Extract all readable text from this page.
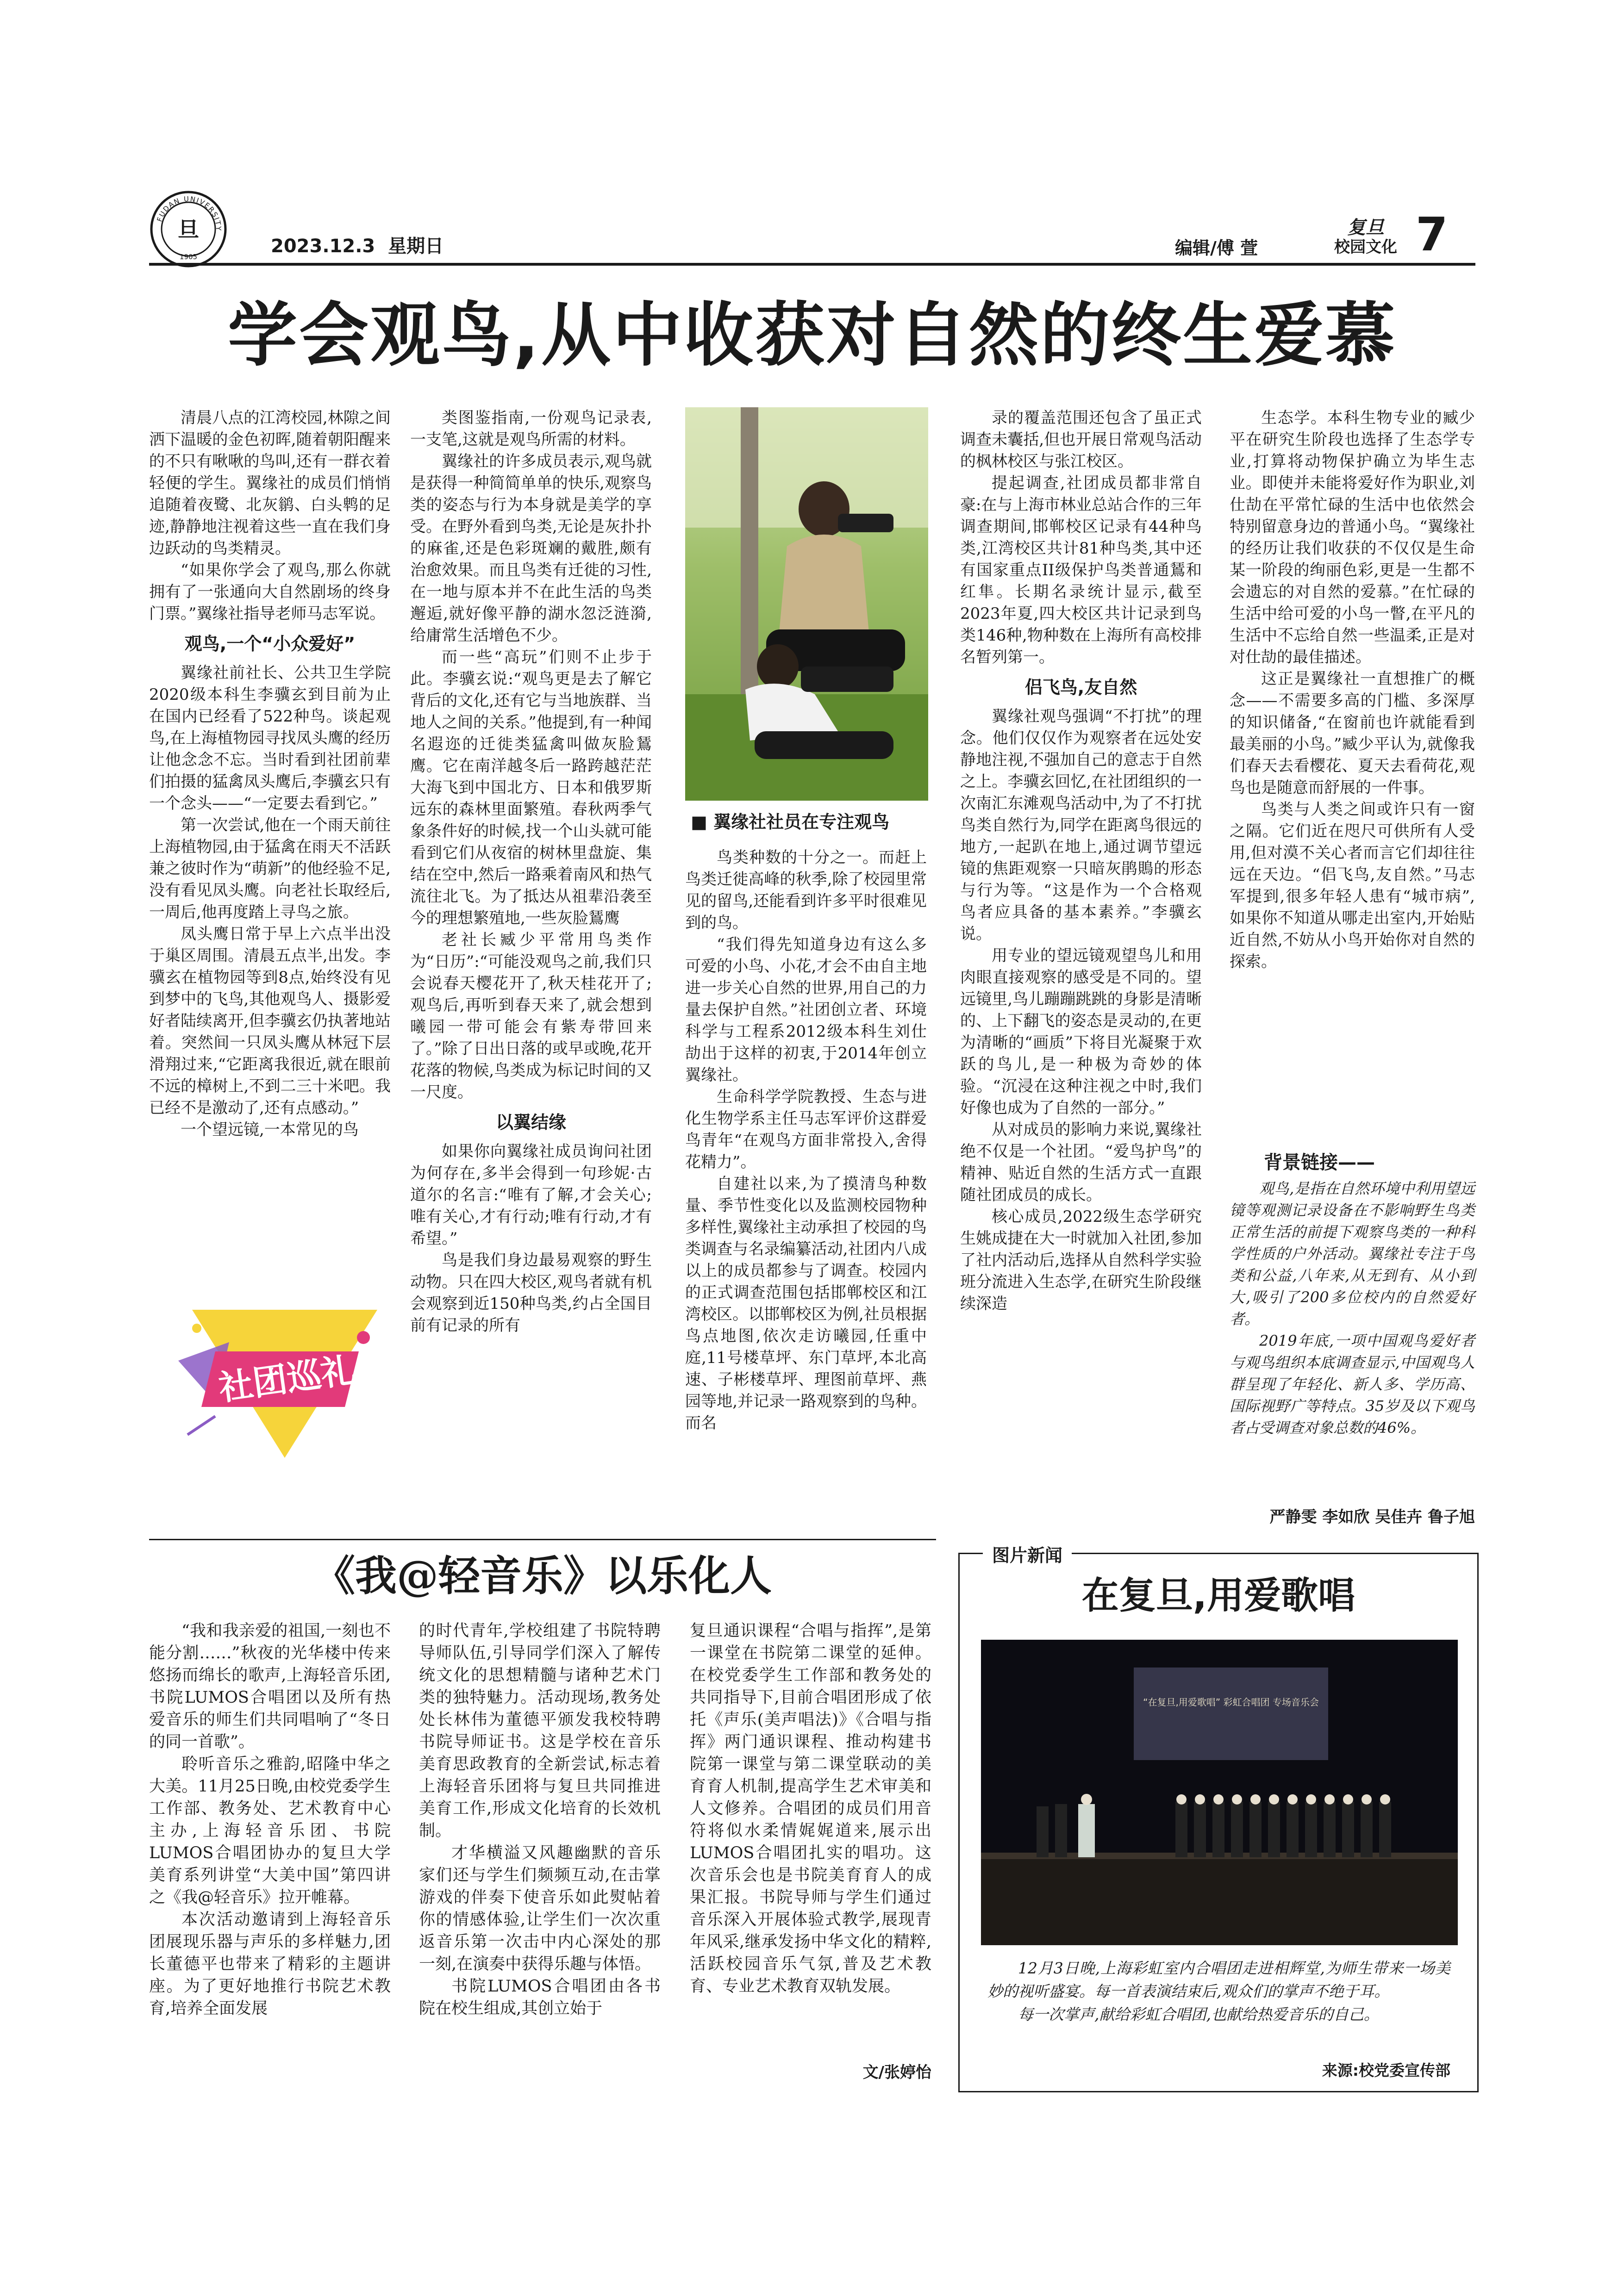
旦
FUDAN UNIVERSITY
1905	2023.12.3 星期日	编辑/傅 萱
复旦
校园文化 7
学会观鸟,从中收获对自然的终生爱慕

清晨八点的江湾校园,林隙之间洒下温暖的金色初晖,随着朝阳醒来的不只有啾啾的鸟叫,还有一群衣着轻便的学生。翼缘社的成员们悄悄追随着夜鹭、北灰鹟、白头鹎的足迹,静静地注视着这些一直在我们身边跃动的鸟类精灵。

“如果你学会了观鸟,那么你就拥有了一张通向大自然剧场的终身门票。”翼缘社指导老师马志军说。

观鸟,一个“小众爱好”

翼缘社前社长、公共卫生学院2020级本科生李骥玄到目前为止在国内已经看了522种鸟。谈起观鸟,在上海植物园寻找凤头鹰的经历让他念念不忘。当时看到社团前辈们拍摄的猛禽凤头鹰后,李骥玄只有一个念头——“一定要去看到它。”

第一次尝试,他在一个雨天前往上海植物园,由于猛禽在雨天不活跃兼之彼时作为“萌新”的他经验不足,没有看见凤头鹰。向老社长取经后,一周后,他再度踏上寻鸟之旅。

凤头鹰日常于早上六点半出没于巢区周围。清晨五点半,出发。李骥玄在植物园等到8点,始终没有见到梦中的飞鸟,其他观鸟人、摄影爱好者陆续离开,但李骥玄仍执著地站着。突然间一只凤头鹰从林冠下层滑翔过来,“它距离我很近,就在眼前不远的樟树上,不到二三十米吧。我已经不是激动了,还有点感动。”

一个望远镜,一本常见的鸟

社团巡礼

类图鉴指南,一份观鸟记录表,一支笔,这就是观鸟所需的材料。

翼缘社的许多成员表示,观鸟就是获得一种简简单单的快乐,观察鸟类的姿态与行为本身就是美学的享受。在野外看到鸟类,无论是灰扑扑的麻雀,还是色彩斑斓的戴胜,颇有治愈效果。而且鸟类有迁徙的习性,在一地与原本并不在此生活的鸟类邂逅,就好像平静的湖水忽泛涟漪,给庸常生活增色不少。

而一些“高玩”们则不止步于此。李骥玄说:“观鸟更是去了解它背后的文化,还有它与当地族群、当地人之间的关系。”他提到,有一种闻名遐迩的迁徙类猛禽叫做灰脸鵟鹰。它在南洋越冬后一路跨越茫茫大海飞到中国北方、日本和俄罗斯远东的森林里面繁殖。春秋两季气象条件好的时候,找一个山头就可能看到它们从夜宿的树林里盘旋、集结在空中,然后一路乘着南风和热气流往北飞。为了抵达从祖辈沿袭至今的理想繁殖地,一些灰脸鵟鹰

老社长臧少平常用鸟类作为“日历”:“可能没观鸟之前,我们只会说春天樱花开了,秋天桂花开了;观鸟后,再听到春天来了,就会想到曦园一带可能会有紫寿带回来了。”除了日出日落的或早或晚,花开花落的物候,鸟类成为标记时间的又一尺度。

以翼结缘

如果你向翼缘社成员询问社团为何存在,多半会得到一句珍妮·古道尔的名言:“唯有了解,才会关心;唯有关心,才有行动;唯有行动,才有希望。”

鸟是我们身边最易观察的野生动物。只在四大校区,观鸟者就有机会观察到近150种鸟类,约占全国目前有记录的所有

■ 翼缘社社员在专注观鸟

鸟类种数的十分之一。而赶上鸟类迁徙高峰的秋季,除了校园里常见的留鸟,还能看到许多平时很难见到的鸟。

“我们得先知道身边有这么多可爱的小鸟、小花,才会不由自主地进一步关心自然的世界,用自己的力量去保护自然。”社团创立者、环境科学与工程系2012级本科生刘仕劼出于这样的初衷,于2014年创立翼缘社。

生命科学学院教授、生态与进化生物学系主任马志军评价这群爱鸟青年“在观鸟方面非常投入,舍得花精力”。

自建社以来,为了摸清鸟种数量、季节性变化以及监测校园物种多样性,翼缘社主动承担了校园的鸟类调查与名录编纂活动,社团内八成以上的成员都参与了调查。校园内的正式调查范围包括邯郸校区和江湾校区。以邯郸校区为例,社员根据鸟点地图,依次走访曦园,任重中庭,11号楼草坪、东门草坪,本北高速、子彬楼草坪、理图前草坪、燕园等地,并记录一路观察到的鸟种。而名

录的覆盖范围还包含了虽正式调查未囊括,但也开展日常观鸟活动的枫林校区与张江校区。

提起调查,社团成员都非常自豪:在与上海市林业总站合作的三年调查期间,邯郸校区记录有44种鸟类,江湾校区共计81种鸟类,其中还有国家重点II级保护鸟类普通鵟和红隼。长期名录统计显示,截至2023年夏,四大校区共计记录到鸟类146种,物种数在上海所有高校排名暂列第一。

侣飞鸟,友自然

翼缘社观鸟强调“不打扰”的理念。他们仅仅作为观察者在远处安静地注视,不强加自己的意志于自然之上。李骥玄回忆,在社团组织的一次南汇东滩观鸟活动中,为了不打扰鸟类自然行为,同学在距离鸟很远的地方,一起趴在地上,通过调节望远镜的焦距观察一只暗灰鹃鵙的形态与行为等。“这是作为一个合格观鸟者应具备的基本素养。”李骥玄说。

用专业的望远镜观望鸟儿和用肉眼直接观察的感受是不同的。望远镜里,鸟儿蹦蹦跳跳的身影是清晰的、上下翻飞的姿态是灵动的,在更为清晰的“画质”下将目光凝聚于欢跃的鸟儿,是一种极为奇妙的体验。“沉浸在这种注视之中时,我们好像也成为了自然的一部分。”

从对成员的影响力来说,翼缘社绝不仅是一个社团。“爱鸟护鸟”的精神、贴近自然的生活方式一直跟随社团成员的成长。

核心成员,2022级生态学研究生姚成捷在大一时就加入社团,参加了社内活动后,选择从自然科学实验班分流进入生态学,在研究生阶段继续深造

生态学。本科生物专业的臧少平在研究生阶段也选择了生态学专业,打算将动物保护确立为毕生志业。即使并未能将爱好作为职业,刘仕劼在平常忙碌的生活中也依然会特别留意身边的普通小鸟。“翼缘社的经历让我们收获的不仅仅是生命某一阶段的绚丽色彩,更是一生都不会遗忘的对自然的爱慕。”在忙碌的生活中给可爱的小鸟一瞥,在平凡的生活中不忘给自然一些温柔,正是对对仕劼的最佳描述。

这正是翼缘社一直想推广的概念——不需要多高的门槛、多深厚的知识储备,“在窗前也许就能看到最美丽的小鸟。”臧少平认为,就像我们春天去看樱花、夏天去看荷花,观鸟也是随意而舒展的一件事。

鸟类与人类之间或许只有一窗之隔。它们近在咫尺可供所有人受用,但对漠不关心者而言它们却往往远在天边。“侣飞鸟,友自然。”马志军提到,很多年轻人患有“城市病”,如果你不知道从哪走出室内,开始贴近自然,不妨从小鸟开始你对自然的探索。

背景链接——

观鸟,是指在自然环境中利用望远镜等观测记录设备在不影响野生鸟类正常生活的前提下观察鸟类的一种科学性质的户外活动。翼缘社专注于鸟类和公益,八年来,从无到有、从小到大,吸引了200多位校内的自然爱好者。

2019年底,一项中国观鸟爱好者与观鸟组织本底调查显示,中国观鸟人群呈现了年轻化、新人多、学历高、国际视野广等特点。35岁及以下观鸟者占受调查对象总数的46%。

严静雯 李如欣 吴佳卉 鲁子旭
《我@轻音乐》以乐化人

“我和我亲爱的祖国,一刻也不能分割……”秋夜的光华楼中传来悠扬而绵长的歌声,上海轻音乐团,书院LUMOS合唱团以及所有热爱音乐的师生们共同唱响了“冬日的同一首歌”。

聆听音乐之雅韵,昭隆中华之大美。11月25日晚,由校党委学生工作部、教务处、艺术教育中心主办,上海轻音乐团、书院LUMOS合唱团协办的复旦大学美育系列讲堂“大美中国”第四讲之《我@轻音乐》拉开帷幕。

本次活动邀请到上海轻音乐团展现乐器与声乐的多样魅力,团长董德平也带来了精彩的主题讲座。为了更好地推行书院艺术教育,培养全面发展

的时代青年,学校组建了书院特聘导师队伍,引导同学们深入了解传统文化的思想精髓与诸种艺术门类的独特魅力。活动现场,教务处处长林伟为董德平颁发我校特聘书院导师证书。这是学校在音乐美育思政教育的全新尝试,标志着上海轻音乐团将与复旦共同推进美育工作,形成文化培育的长效机制。

才华横溢又风趣幽默的音乐家们还与学生们频频互动,在击掌游戏的伴奏下使音乐如此熨帖着你的情感体验,让学生们一次次重返音乐第一次击中内心深处的那一刻,在演奏中获得乐趣与体悟。

书院LUMOS合唱团由各书院在校生组成,其创立始于

复旦通识课程“合唱与指挥”,是第一课堂在书院第二课堂的延伸。在校党委学生工作部和教务处的共同指导下,目前合唱团形成了依托《声乐(美声唱法)》《合唱与指挥》两门通识课程、推动构建书院第一课堂与第二课堂联动的美育育人机制,提高学生艺术审美和人文修养。合唱团的成员们用音符将似水柔情娓娓道来,展示出LUMOS合唱团扎实的唱功。这次音乐会也是书院美育育人的成果汇报。书院导师与学生们通过音乐深入开展体验式教学,展现青年风采,继承发扬中华文化的精粹,活跃校园音乐气氛,普及艺术教育、专业艺术教育双轨发展。

文/张婷怡
图片新闻
在复旦,用爱歌唱
“在复旦,用爱歌唱” 彩虹合唱团 专场音乐会

12月3日晚,上海彩虹室内合唱团走进相辉堂,为师生带来一场美妙的视听盛宴。每一首表演结束后,观众们的掌声不绝于耳。

每一次掌声,献给彩虹合唱团,也献给热爱音乐的自己。

来源:校党委宣传部
